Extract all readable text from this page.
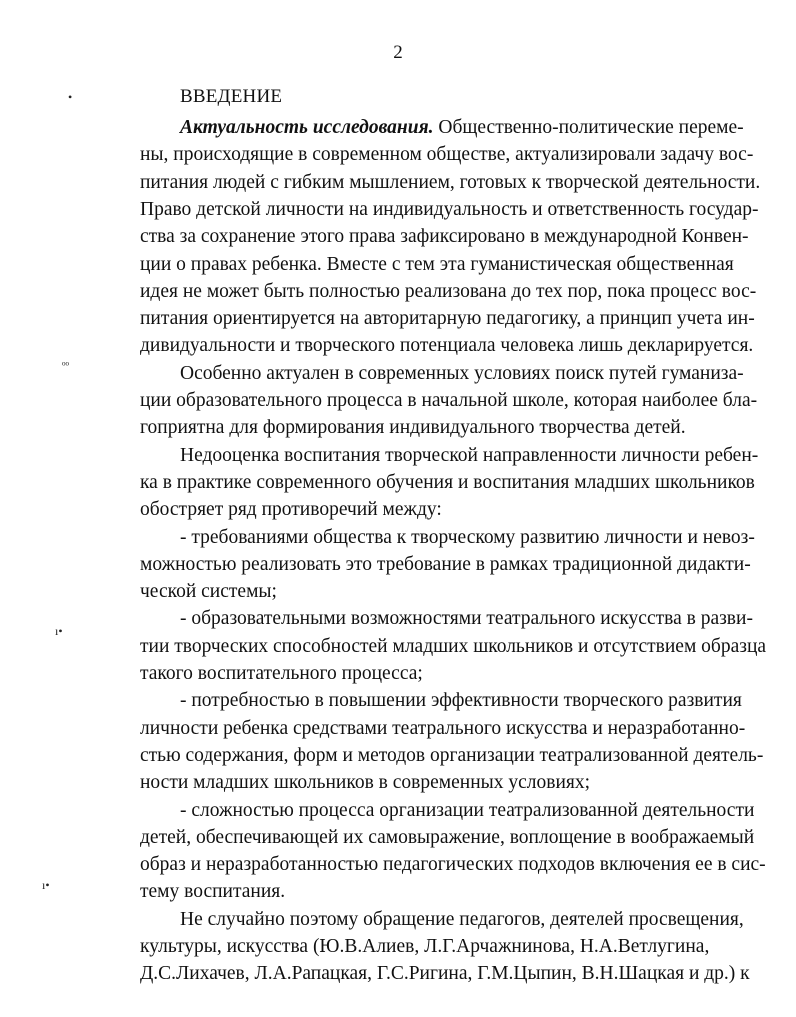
2
ВВЕДЕНИЕ
Актуальность исследования. Общественно-политические переме-
ны, происходящие в современном обществе, актуализировали задачу вос-
питания людей с гибким мышлением, готовых к творческой деятельности.
Право детской личности на индивидуальность и ответственность государ-
ства за сохранение этого права зафиксировано в международной Конвен-
ции о правах ребенка. Вместе с тем эта гуманистическая общественная
идея не может быть полностью реализована до тех пор, пока процесс вос-
питания ориентируется на авторитарную педагогику, а принцип учета ин-
дивидуальности и творческого потенциала человека лишь декларируется.
Особенно актуален в современных условиях поиск путей гуманиза-
ции образовательного процесса в начальной школе, которая наиболее бла-
гоприятна для формирования индивидуального творчества детей.
Недооценка воспитания творческой направленности личности ребен-
ка в практике современного обучения и воспитания младших школьников
обостряет ряд противоречий между:
- требованиями общества к творческому развитию личности и невоз-
можностью реализовать это требование в рамках традиционной дидакти-
ческой системы;
- образовательными возможностями театрального искусства в разви-
тии творческих способностей младших школьников и отсутствием образца
такого воспитательного процесса;
- потребностью в повышении эффективности творческого развития
личности ребенка средствами театрального искусства и неразработанно-
стью содержания, форм и методов организации театрализованной деятель-
ности младших школьников в современных условиях;
- сложностью процесса организации театрализованной деятельности
детей, обеспечивающей их самовыражение, воплощение в воображаемый
образ и неразработанностью педагогических подходов включения ее в сис-
тему воспитания.
Не случайно поэтому обращение педагогов, деятелей просвещения,
культуры, искусства (Ю.В.Алиев, Л.Г.Арчажнинова, Н.А.Ветлугина,
Д.С.Лихачев, Л.А.Рапацкая, Г.С.Ригина, Г.М.Цыпин, В.Н.Шацкая и др.) к
•
ᵒᵒ
ı•
ı•
